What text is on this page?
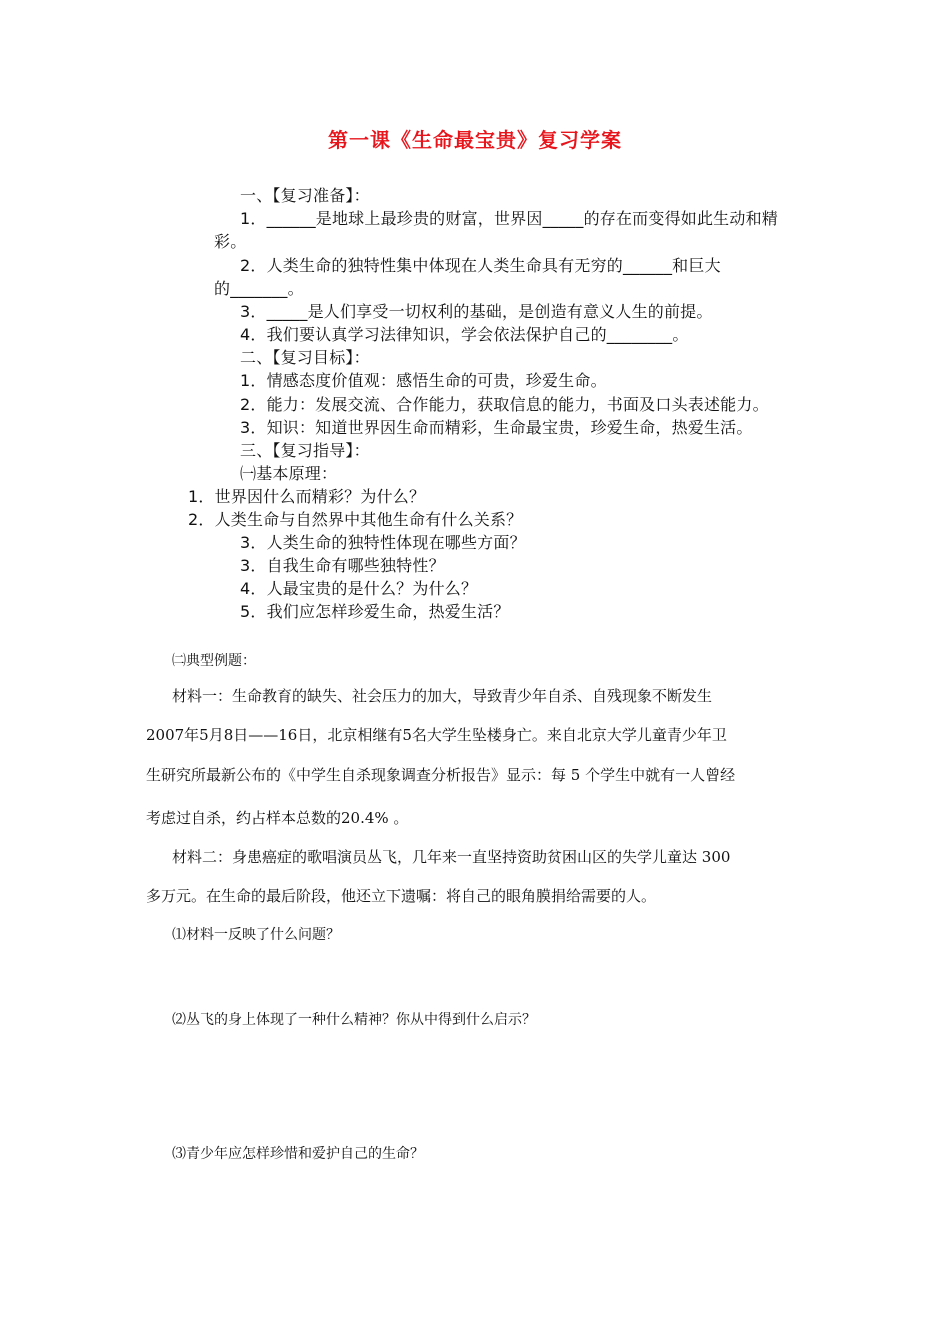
第一课《生命最宝贵》复习学案
一、【复习准备】：
1．______是地球上最珍贵的财富，世界因_____的存在而变得如此生动和精
彩。
2．人类生命的独特性集中体现在人类生命具有无穷的______和巨大
的_______。
3．_____是人们享受一切权利的基础，是创造有意义人生的前提。
4．我们要认真学习法律知识，学会依法保护自己的________。
二、【复习目标】：
1．情感态度价值观：感悟生命的可贵，珍爱生命。
2．能力：发展交流、合作能力，获取信息的能力，书面及口头表述能力。
3．知识：知道世界因生命而精彩，生命最宝贵，珍爱生命，热爱生活。
三、【复习指导】：
㈠基本原理：
1．世界因什么而精彩？为什么？
2．人类生命与自然界中其他生命有什么关系？
3．人类生命的独特性体现在哪些方面？
3．自我生命有哪些独特性？
4．人最宝贵的是什么？为什么？
5．我们应怎样珍爱生命，热爱生活？
㈡典型例题：
材料一：生命教育的缺失、社会压力的加大，导致青少年自杀、自残现象不断发生
2007年5月8日——16日，北京相继有5名大学生坠楼身亡。来自北京大学儿童青少年卫
生研究所最新公布的《中学生自杀现象调查分析报告》显示：每 5 个学生中就有一人曾经
考虑过自杀，约占样本总数的20.4% 。
材料二：身患癌症的歌唱演员丛飞，几年来一直坚持资助贫困山区的失学儿童达 300
多万元。在生命的最后阶段，他还立下遗嘱：将自己的眼角膜捐给需要的人。
⑴材料一反映了什么问题？
⑵丛飞的身上体现了一种什么精神？你从中得到什么启示？
⑶青少年应怎样珍惜和爱护自己的生命？
